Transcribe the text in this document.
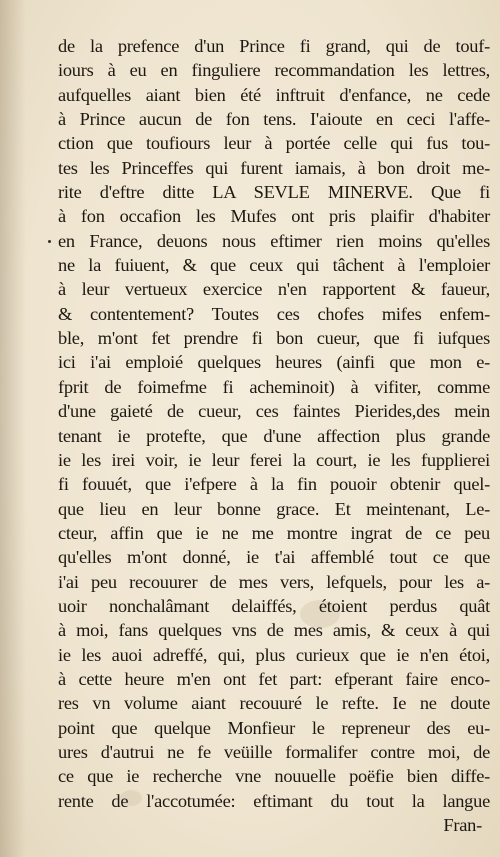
de la prefence d'un Prince fi grand, qui de touf-
iours à eu en finguliere recommandation les lettres,
aufquelles aiant bien été inftruit d'enfance, ne cede
à Prince aucun de fon tens. I'aioute en ceci l'affe-
ction que toufiours leur à portée celle qui fus tou-
tes les Princeffes qui furent iamais, à bon droit me-
rite d'eftre ditte LA SEVLE MINERVE. Que fi
à fon occafion les Mufes ont pris plaifir d'habiter
en France, deuons nous eftimer rien moins qu'elles
ne la fuiuent, & que ceux qui tâchent à l'emploier
à leur vertueux exercice n'en rapportent & faueur,
& contentement? Toutes ces chofes mifes enfem-
ble, m'ont fet prendre fi bon cueur, que fi iufques
ici i'ai emploié quelques heures (ainfi que mon e-
fprit de foimefme fi acheminoit) à vifiter, comme
d'une gaieté de cueur, ces faintes Pierides,des mein
tenant ie protefte, que d'une affection plus grande
ie les irei voir, ie leur ferei la court, ie les fupplierei
fi fouuét, que i'efpere à la fin pouoir obtenir quel-
que lieu en leur bonne grace. Et meintenant, Le-
cteur, affin que ie ne me montre ingrat de ce peu
qu'elles m'ont donné, ie t'ai affemblé tout ce que
i'ai peu recouurer de mes vers, lefquels, pour les a-
uoir nonchalâmant delaiffés, étoient perdus quât
à moi, fans quelques vns de mes amis, & ceux à qui
ie les auoi adreffé, qui, plus curieux que ie n'en étoi,
à cette heure m'en ont fet part: efperant faire enco-
res vn volume aiant recouuré le refte. Ie ne doute
point que quelque Monfieur le repreneur des eu-
ures d'autrui ne fe veüille formalifer contre moi, de
ce que ie recherche vne nouuelle poëfie bien diffe-
rente de l'accotumée: eftimant du tout la langue
Fran-
